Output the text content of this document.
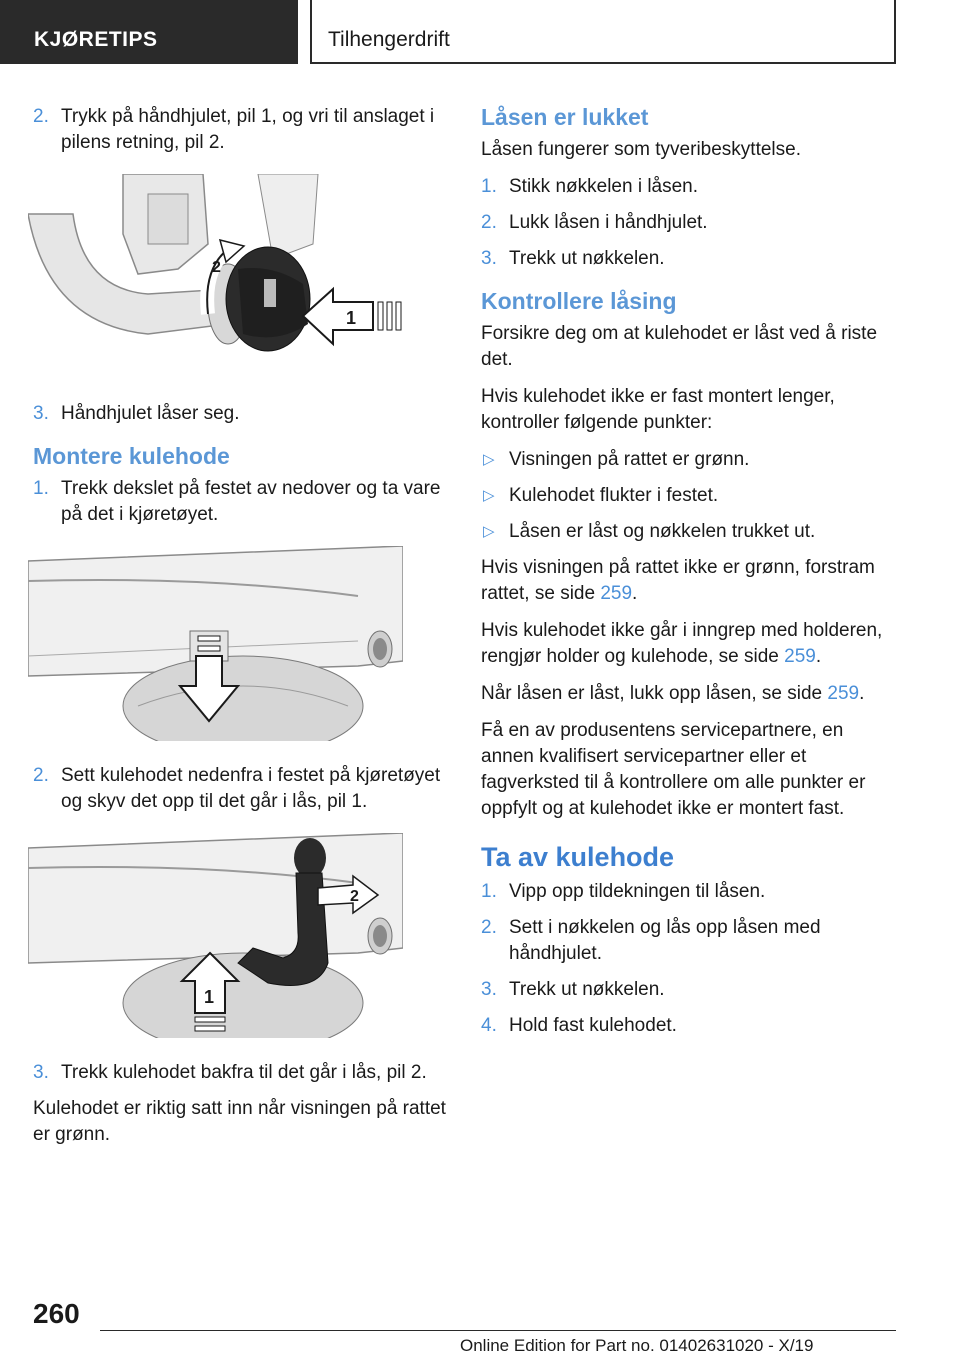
KJØRETIPS	Tilhengerdrift
2. Trykk på håndhjulet, pil 1, og vri til anslaget i pilens retning, pil 2.
2
1
3. Håndhjulet låser seg.
Montere kulehode
1. Trekk dekslet på festet av nedover og ta vare på det i kjøretøyet.
2. Sett kulehodet nedenfra i festet på kjøretøyet og skyv det opp til det går i lås, pil 1.
2
1
3. Trekk kulehodet bakfra til det går i lås, pil 2.

Kulehodet er riktig satt inn når visningen på rattet er grønn.

Låsen er lukket

Låsen fungerer som tyveribeskyttelse.

1. Stikk nøkkelen i låsen.
2. Lukk låsen i håndhjulet.
3. Trekk ut nøkkelen.
Kontrollere låsing

Forsikre deg om at kulehodet er låst ved å riste det.

Hvis kulehodet ikke er fast montert lenger, kontroller følgende punkter:

▷ Visningen på rattet er grønn.
▷ Kulehodet flukter i festet.
▷ Låsen er låst og nøkkelen trukket ut.

Hvis visningen på rattet ikke er grønn, forstram rattet, se side 259.

Hvis kulehodet ikke går i inngrep med holderen, rengjør holder og kulehode, se side 259.

Når låsen er låst, lukk opp låsen, se side 259.

Få en av produsentens servicepartnere, en annen kvalifisert servicepartner eller et fagverksted til å kontrollere om alle punkter er oppfylt og at kulehodet ikke er montert fast.

Ta av kulehode
1. Vipp opp tildekningen til låsen.
2. Sett i nøkkelen og lås opp låsen med håndhjulet.
3. Trekk ut nøkkelen.
4. Hold fast kulehodet.
260
Online Edition for Part no. 01402631020 - X/19
